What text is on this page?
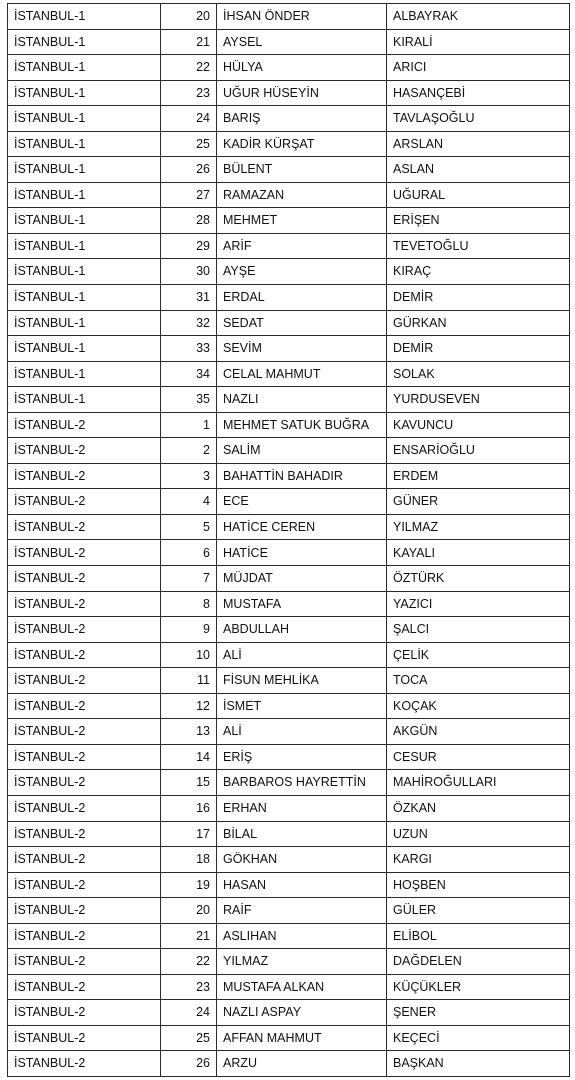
İSTANBUL-1	20	İHSAN ÖNDER	ALBAYRAK
İSTANBUL-1	21	AYSEL	KIRALİ
İSTANBUL-1	22	HÜLYA	ARICI
İSTANBUL-1	23	UĞUR HÜSEYİN	HASANÇEBİ
İSTANBUL-1	24	BARIŞ	TAVLAŞOĞLU
İSTANBUL-1	25	KADİR KÜRŞAT	ARSLAN
İSTANBUL-1	26	BÜLENT	ASLAN
İSTANBUL-1	27	RAMAZAN	UĞURAL
İSTANBUL-1	28	MEHMET	ERİŞEN
İSTANBUL-1	29	ARİF	TEVETOĞLU
İSTANBUL-1	30	AYŞE	KIRAÇ
İSTANBUL-1	31	ERDAL	DEMİR
İSTANBUL-1	32	SEDAT	GÜRKAN
İSTANBUL-1	33	SEVİM	DEMİR
İSTANBUL-1	34	CELAL MAHMUT	SOLAK
İSTANBUL-1	35	NAZLI	YURDUSEVEN
İSTANBUL-2	1	MEHMET SATUK BUĞRA	KAVUNCU
İSTANBUL-2	2	SALİM	ENSARİOĞLU
İSTANBUL-2	3	BAHATTİN BAHADIR	ERDEM
İSTANBUL-2	4	ECE	GÜNER
İSTANBUL-2	5	HATİCE CEREN	YILMAZ
İSTANBUL-2	6	HATİCE	KAYALI
İSTANBUL-2	7	MÜJDAT	ÖZTÜRK
İSTANBUL-2	8	MUSTAFA	YAZICI
İSTANBUL-2	9	ABDULLAH	ŞALCI
İSTANBUL-2	10	ALİ	ÇELİK
İSTANBUL-2	11	FİSUN MEHLİKA	TOCA
İSTANBUL-2	12	İSMET	KOÇAK
İSTANBUL-2	13	ALİ	AKGÜN
İSTANBUL-2	14	ERİŞ	CESUR
İSTANBUL-2	15	BARBAROS HAYRETTİN	MAHİROĞULLARI
İSTANBUL-2	16	ERHAN	ÖZKAN
İSTANBUL-2	17	BİLAL	UZUN
İSTANBUL-2	18	GÖKHAN	KARGI
İSTANBUL-2	19	HASAN	HOŞBEN
İSTANBUL-2	20	RAİF	GÜLER
İSTANBUL-2	21	ASLIHAN	ELİBOL
İSTANBUL-2	22	YILMAZ	DAĞDELEN
İSTANBUL-2	23	MUSTAFA ALKAN	KÜÇÜKLER
İSTANBUL-2	24	NAZLI ASPAY	ŞENER
İSTANBUL-2	25	AFFAN MAHMUT	KEÇECİ
İSTANBUL-2	26	ARZU	BAŞKAN
